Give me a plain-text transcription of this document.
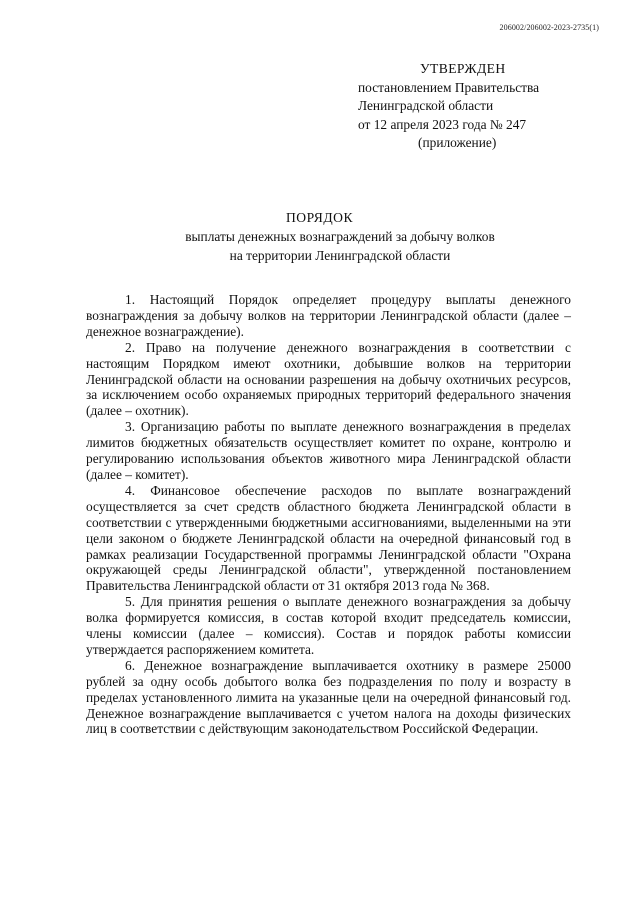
206002/206002-2023-2735(1)
УТВЕРЖДЕН
постановлением Правительства
Ленинградской области
от 12 апреля 2023 года № 247
(приложение)
ПОРЯДОК
выплаты денежных вознаграждений за добычу волков
на территории Ленинградской области

1. Настоящий Порядок определяет процедуру выплаты денежного вознаграждения за добычу волков на территории Ленинградской области (далее – денежное вознаграждение).

2. Право на получение денежного вознаграждения в соответствии с настоящим Порядком имеют охотники, добывшие волков на территории Ленинградской области на основании разрешения на добычу охотничьих ресурсов, за исключением особо охраняемых природных территорий федерального значения (далее – охотник).

3. Организацию работы по выплате денежного вознаграждения в пределах лимитов бюджетных обязательств осуществляет комитет по охране, контролю и регулированию использования объектов животного мира Ленинградской области (далее – комитет).

4. Финансовое обеспечение расходов по выплате вознаграждений осуществляется за счет средств областного бюджета Ленинградской области в соответствии с утвержденными бюджетными ассигнованиями, выделенными на эти цели законом о бюджете Ленинградской области на очередной финансовый год в рамках реализации Государственной программы Ленинградской области "Охрана окружающей среды Ленинградской области", утвержденной постановлением Правительства Ленинградской области от 31 октября 2013 года № 368.

5. Для принятия решения о выплате денежного вознаграждения за добычу волка формируется комиссия, в состав которой входит председатель комиссии, члены комиссии (далее – комиссия). Состав и порядок работы комиссии утверждается распоряжением комитета.

6. Денежное вознаграждение выплачивается охотнику в размере 25000 рублей за одну особь добытого волка без подразделения по полу и возрасту в пределах установленного лимита на указанные цели на очередной финансовый год. Денежное вознаграждение выплачивается с учетом налога на доходы физических лиц в соответствии с действующим законодательством Российской Федерации.
